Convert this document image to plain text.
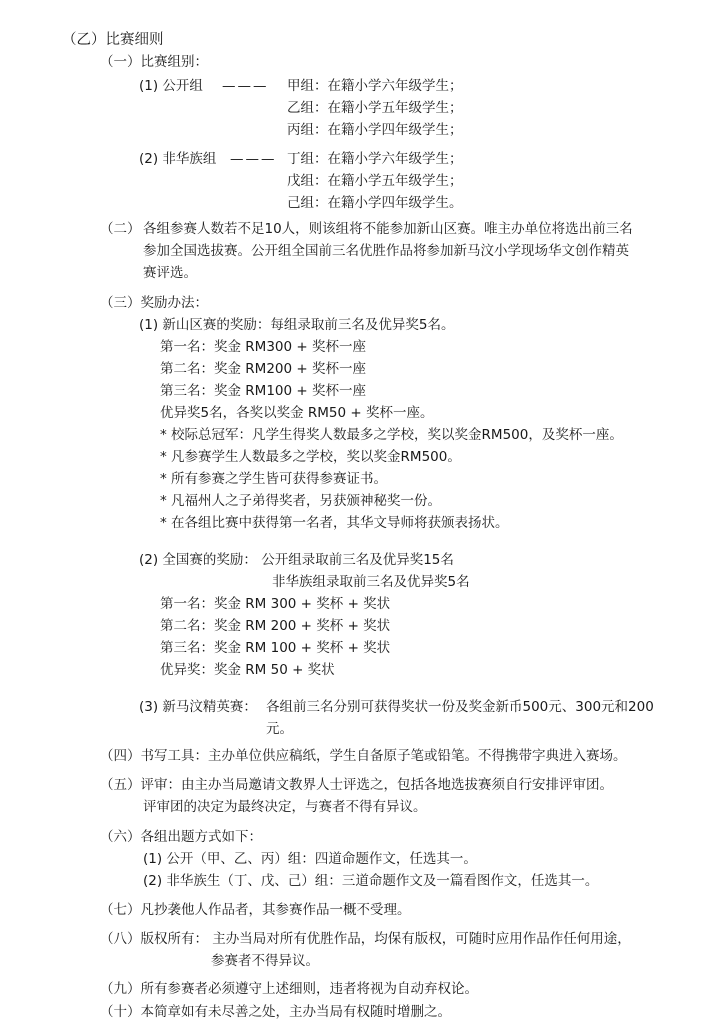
（乙）比赛细则
（一）比赛组别：
(1) 公开组 ——— 甲组：在籍小学六年级学生；
乙组：在籍小学五年级学生；
丙组：在籍小学四年级学生；
(2) 非华族组 ——— 丁组：在籍小学六年级学生；
戊组：在籍小学五年级学生；
己组：在籍小学四年级学生。
（二） 各组参赛人数若不足10人，则该组将不能参加新山区赛。唯主办单位将选出前三名
参加全国选拔赛。公开组全国前三名优胜作品将参加新马汶小学现场华文创作精英
赛评选。
（三）奖励办法：
(1) 新山区赛的奖励：每组录取前三名及优异奖5名。
第一名：奖金 RM300 + 奖杯一座
第二名：奖金 RM200 + 奖杯一座
第三名：奖金 RM100 + 奖杯一座
优异奖5名，各奖以奖金 RM50 + 奖杯一座。
* 校际总冠军：凡学生得奖人数最多之学校，奖以奖金RM500，及奖杯一座。
* 凡参赛学生人数最多之学校，奖以奖金RM500。
* 所有参赛之学生皆可获得参赛证书。
* 凡福州人之子弟得奖者，另获颁神秘奖一份。
* 在各组比赛中获得第一名者，其华文导师将获颁表扬状。
(2) 全国赛的奖励： 公开组录取前三名及优异奖15名
非华族组录取前三名及优异奖5名
第一名：奖金 RM 300 + 奖杯 + 奖状
第二名：奖金 RM 200 + 奖杯 + 奖状
第三名：奖金 RM 100 + 奖杯 + 奖状
优异奖：奖金 RM 50 + 奖状
(3) 新马汶精英赛： 各组前三名分别可获得奖状一份及奖金新币500元、300元和200
元。
（四）书写工具：主办单位供应稿纸，学生自备原子笔或铅笔。不得携带字典进入赛场。
（五）评审：由主办当局邀请文教界人士评选之，包括各地选拔赛须自行安排评审团。
评审团的决定为最终决定，与赛者不得有异议。
（六）各组出题方式如下：
(1) 公开（甲、乙、丙）组：四道命题作文，任选其一。
(2) 非华族生（丁、戊、己）组：三道命题作文及一篇看图作文，任选其一。
（七）凡抄袭他人作品者，其参赛作品一概不受理。
（八）版权所有： 主办当局对所有优胜作品，均保有版权，可随时应用作品作任何用途，
参赛者不得异议。
（九）所有参赛者必须遵守上述细则，违者将视为自动弃权论。
（十）本简章如有未尽善之处，主办当局有权随时增删之。
